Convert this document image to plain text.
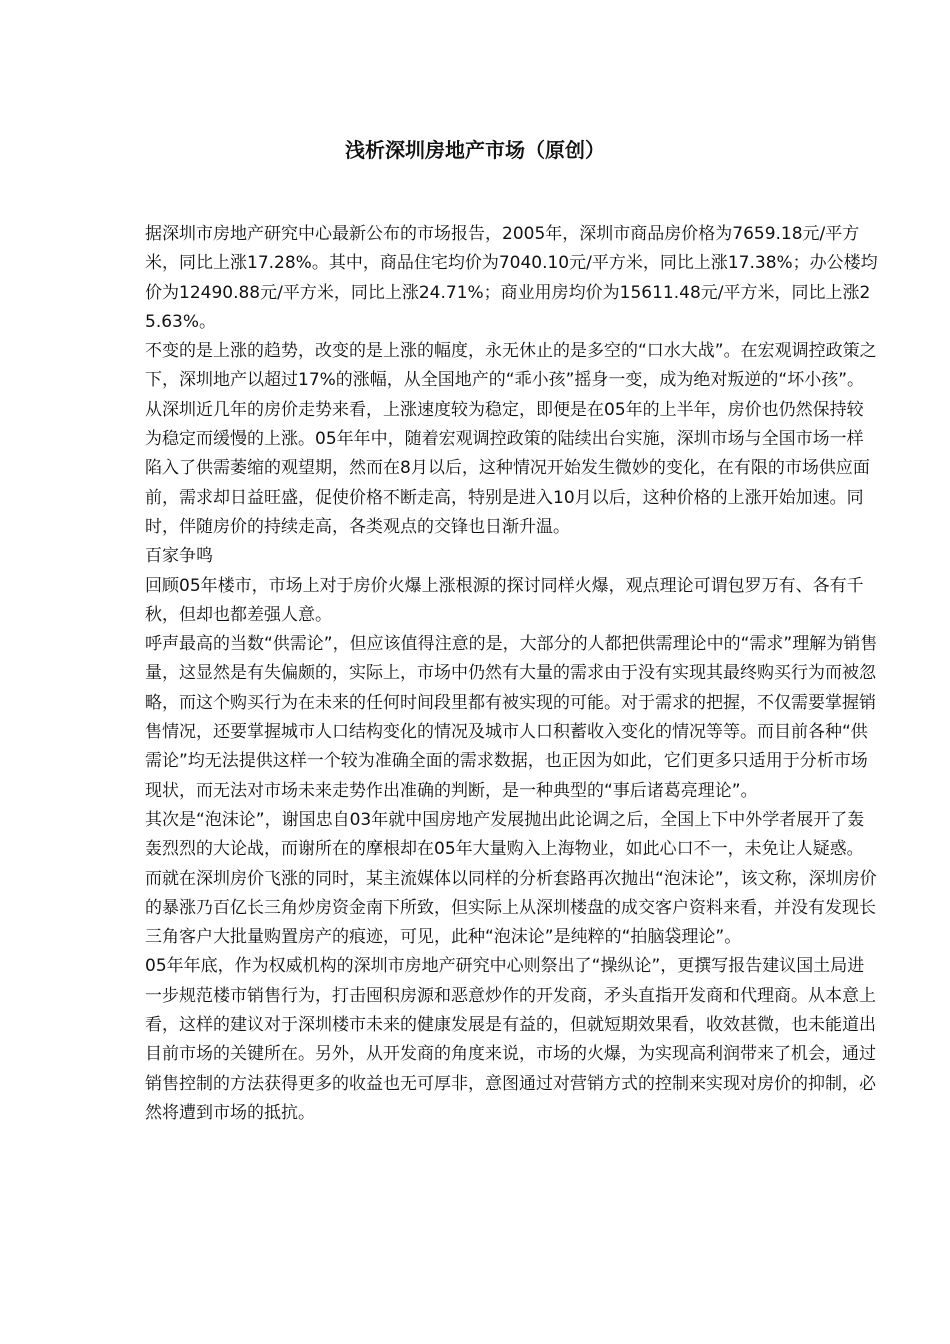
浅析深圳房地产市场（原创）

据深圳市房地产研究中心最新公布的市场报告，2005年，深圳市商品房价格为7659.18元/平方米，同比上涨17.28%。其中，商品住宅均价为7040.10元/平方米，同比上涨17.38%；办公楼均价为12490.88元/平方米，同比上涨24.71%；商业用房均价为15611.48元/平方米，同比上涨25.63%。

不变的是上涨的趋势，改变的是上涨的幅度，永无休止的是多空的“口水大战”。在宏观调控政策之下，深圳地产以超过17%的涨幅，从全国地产的“乖小孩”摇身一变，成为绝对叛逆的“坏小孩”。

从深圳近几年的房价走势来看，上涨速度较为稳定，即便是在05年的上半年，房价也仍然保持较为稳定而缓慢的上涨。05年年中，随着宏观调控政策的陆续出台实施，深圳市场与全国市场一样陷入了供需萎缩的观望期，然而在8月以后，这种情况开始发生微妙的变化，在有限的市场供应面前，需求却日益旺盛，促使价格不断走高，特别是进入10月以后，这种价格的上涨开始加速。同时，伴随房价的持续走高，各类观点的交锋也日渐升温。

百家争鸣

回顾05年楼市，市场上对于房价火爆上涨根源的探讨同样火爆，观点理论可谓包罗万有、各有千秋，但却也都差强人意。

呼声最高的当数“供需论”，但应该值得注意的是，大部分的人都把供需理论中的“需求”理解为销售量，这显然是有失偏颇的，实际上，市场中仍然有大量的需求由于没有实现其最终购买行为而被忽略，而这个购买行为在未来的任何时间段里都有被实现的可能。对于需求的把握，不仅需要掌握销售情况，还要掌握城市人口结构变化的情况及城市人口积蓄收入变化的情况等等。而目前各种“供需论”均无法提供这样一个较为准确全面的需求数据，也正因为如此，它们更多只适用于分析市场现状，而无法对市场未来走势作出准确的判断，是一种典型的“事后诸葛亮理论”。

其次是“泡沫论”，谢国忠自03年就中国房地产发展抛出此论调之后，全国上下中外学者展开了轰轰烈烈的大论战，而谢所在的摩根却在05年大量购入上海物业，如此心口不一，未免让人疑惑。而就在深圳房价飞涨的同时，某主流媒体以同样的分析套路再次抛出“泡沫论”，该文称，深圳房价的暴涨乃百亿长三角炒房资金南下所致，但实际上从深圳楼盘的成交客户资料来看，并没有发现长三角客户大批量购置房产的痕迹，可见，此种“泡沫论”是纯粹的“拍脑袋理论”。

05年年底，作为权威机构的深圳市房地产研究中心则祭出了“操纵论”，更撰写报告建议国土局进一步规范楼市销售行为，打击囤积房源和恶意炒作的开发商，矛头直指开发商和代理商。从本意上看，这样的建议对于深圳楼市未来的健康发展是有益的，但就短期效果看，收效甚微，也未能道出目前市场的关键所在。另外，从开发商的角度来说，市场的火爆，为实现高利润带来了机会，通过销售控制的方法获得更多的收益也无可厚非，意图通过对营销方式的控制来实现对房价的抑制，必然将遭到市场的抵抗。
